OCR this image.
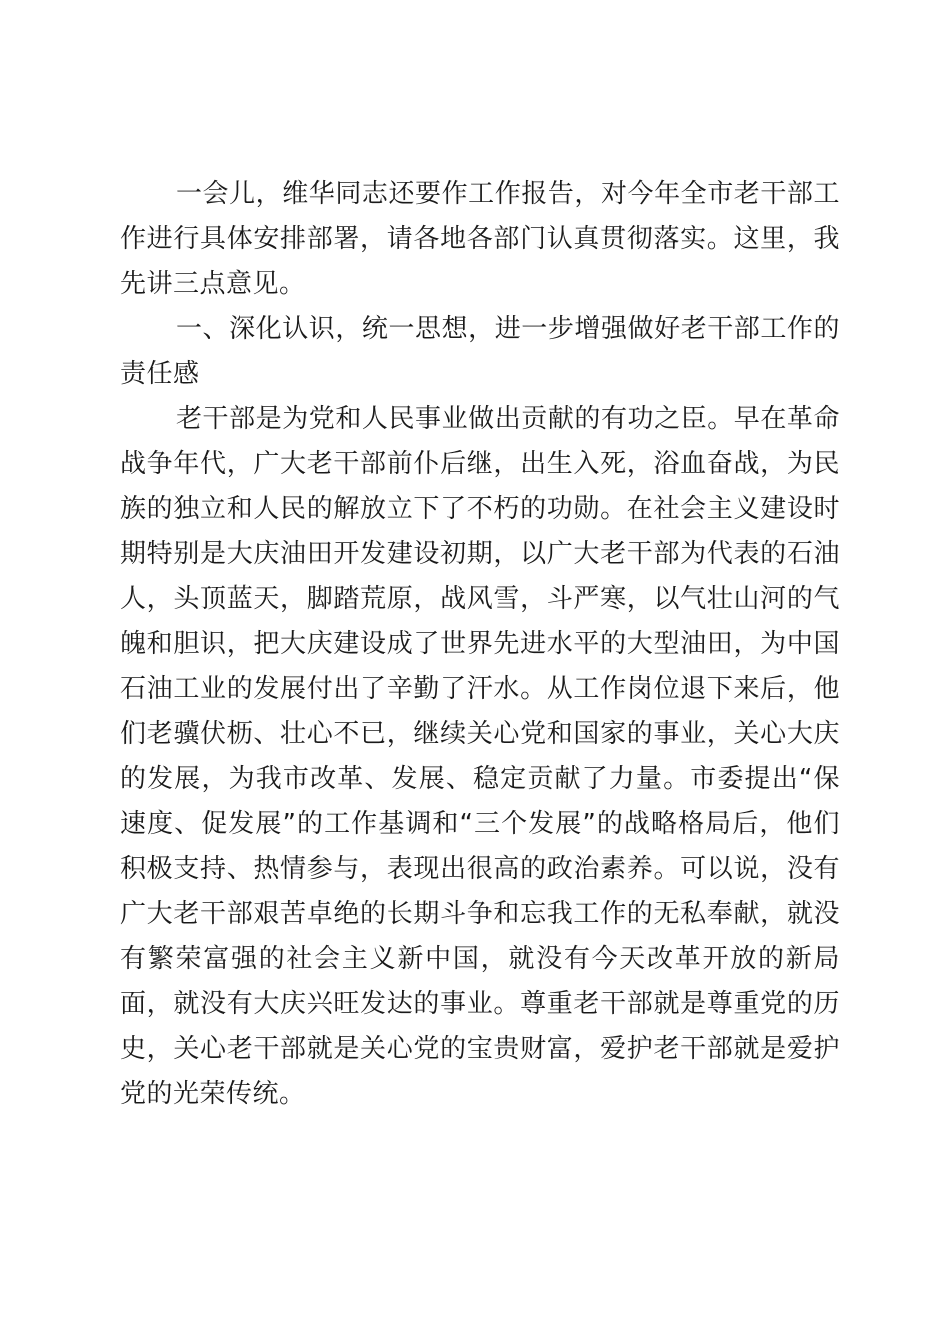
一会儿，维华同志还要作工作报告，对今年全市老干部工作进行具体安排部署，请各地各部门认真贯彻落实。这里，我先讲三点意见。

一、深化认识，统一思想，进一步增强做好老干部工作的责任感

老干部是为党和人民事业做出贡献的有功之臣。早在革命战争年代，广大老干部前仆后继，出生入死，浴血奋战，为民族的独立和人民的解放立下了不朽的功勋。在社会主义建设时期特别是大庆油田开发建设初期，以广大老干部为代表的石油人，头顶蓝天，脚踏荒原，战风雪，斗严寒，以气壮山河的气魄和胆识，把大庆建设成了世界先进水平的大型油田，为中国石油工业的发展付出了辛勤了汗水。从工作岗位退下来后，他们老骥伏枥、壮心不已，继续关心党和国家的事业，关心大庆的发展，为我市改革、发展、稳定贡献了力量。市委提出“保速度、促发展”的工作基调和“三个发展”的战略格局后，他们积极支持、热情参与，表现出很高的政治素养。可以说，没有广大老干部艰苦卓绝的长期斗争和忘我工作的无私奉献，就没有繁荣富强的社会主义新中国，就没有今天改革开放的新局面，就没有大庆兴旺发达的事业。尊重老干部就是尊重党的历史，关心老干部就是关心党的宝贵财富，爱护老干部就是爱护党的光荣传统。
